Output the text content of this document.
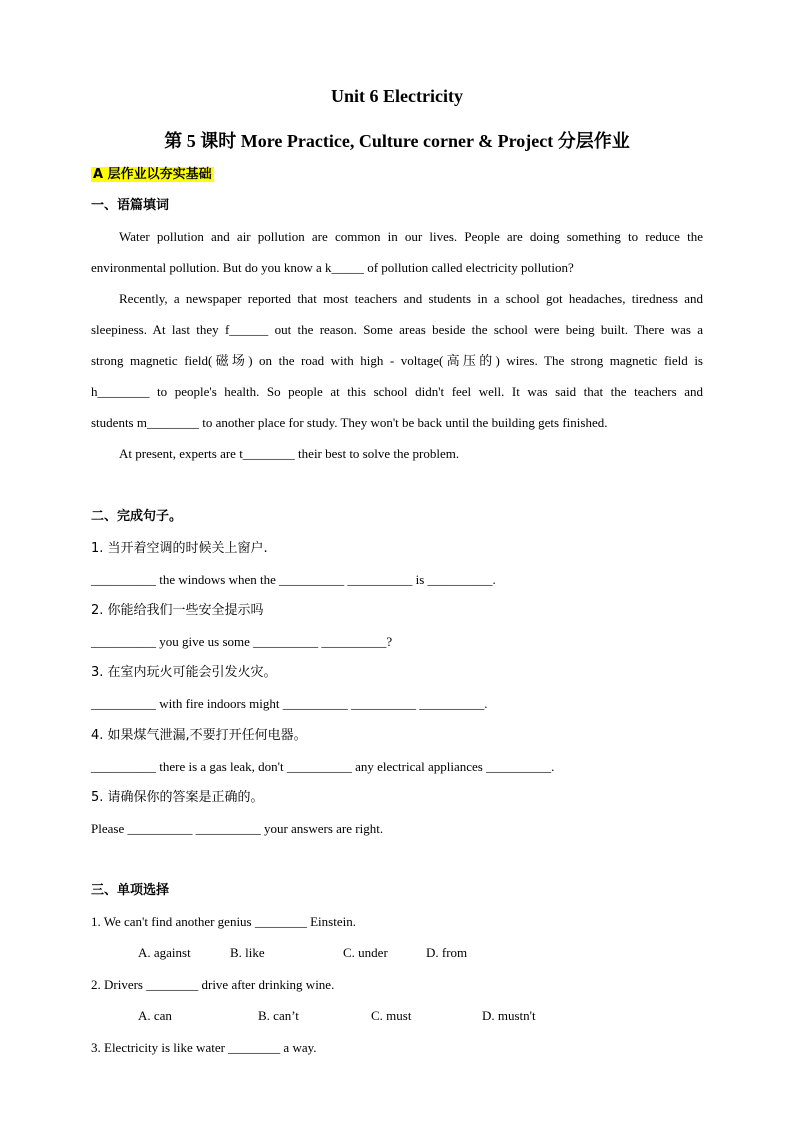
Unit 6 Electricity
第 5 课时 More Practice, Culture corner & Project 分层作业
A 层作业以夯实基础
一、语篇填词
Water pollution and air pollution are common in our lives. People are doing something to reduce the
environmental pollution. But do you know a k_____ of pollution called electricity pollution?
Recently, a newspaper reported that most teachers and students in a school got headaches, tiredness and
sleepiness. At last they f______ out the reason. Some areas beside the school were being built. There was a
strong magnetic field(磁场) on the road with high - voltage(高压的) wires. The strong magnetic field is
h________ to people's health. So people at this school didn't feel well. It was said that the teachers and
students m________ to another place for study. They won't be back until the building gets finished.
At present, experts are t________ their best to solve the problem.
二、完成句子。
1. 当开着空调的时候关上窗户.
__________ the windows when the __________ __________ is __________.
2. 你能给我们一些安全提示吗
__________ you give us some __________ __________?
3. 在室内玩火可能会引发火灾。
__________ with fire indoors might __________ __________ __________.
4. 如果煤气泄漏,不要打开任何电器。
__________ there is a gas leak, don't __________ any electrical appliances __________.
5. 请确保你的答案是正确的。
Please __________ __________ your answers are right.
三、单项选择
1. We can't find another genius ________ Einstein.
A. against	B. like	C. under	D. from
2. Drivers ________ drive after drinking wine.
A. can	B. can’t	C. must	D. mustn't
3. Electricity is like water ________ a way.
